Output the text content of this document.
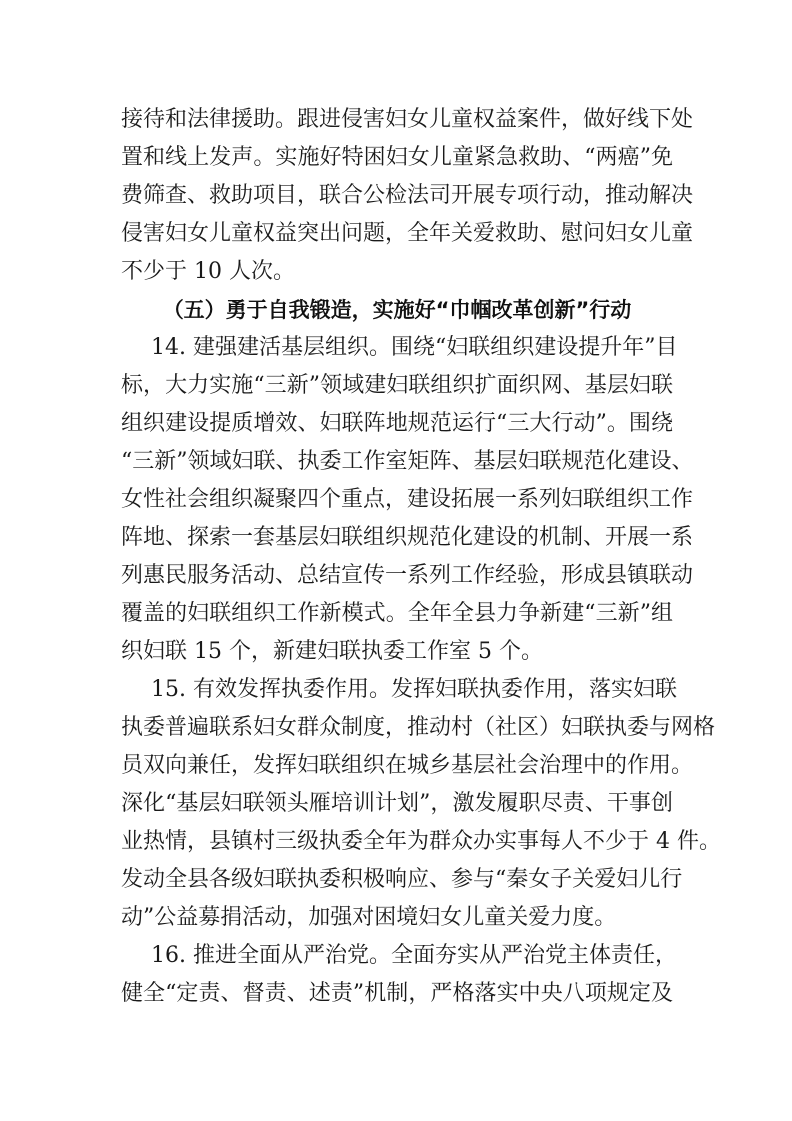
接待和法律援助。跟进侵害妇女儿童权益案件，做好线下处
置和线上发声。实施好特困妇女儿童紧急救助、“两癌”免
费筛查、救助项目，联合公检法司开展专项行动，推动解决
侵害妇女儿童权益突出问题，全年关爱救助、慰问妇女儿童
不少于 10 人次。
（五）勇于自我锻造，实施好“巾帼改革创新”行动
14. 建强建活基层组织。围绕“妇联组织建设提升年”目
标，大力实施“三新”领域建妇联组织扩面织网、基层妇联
组织建设提质增效、妇联阵地规范运行“三大行动”。围绕
“三新”领域妇联、执委工作室矩阵、基层妇联规范化建设、
女性社会组织凝聚四个重点，建设拓展一系列妇联组织工作
阵地、探索一套基层妇联组织规范化建设的机制、开展一系
列惠民服务活动、总结宣传一系列工作经验，形成县镇联动
覆盖的妇联组织工作新模式。全年全县力争新建“三新”组
织妇联 15 个，新建妇联执委工作室 5 个。
15. 有效发挥执委作用。发挥妇联执委作用，落实妇联
执委普遍联系妇女群众制度，推动村（社区）妇联执委与网格
员双向兼任，发挥妇联组织在城乡基层社会治理中的作用。
深化“基层妇联领头雁培训计划”，激发履职尽责、干事创
业热情，县镇村三级执委全年为群众办实事每人不少于 4 件。
发动全县各级妇联执委积极响应、参与“秦女子关爱妇儿行
动”公益募捐活动，加强对困境妇女儿童关爱力度。
16. 推进全面从严治党。全面夯实从严治党主体责任，
健全“定责、督责、述责”机制，严格落实中央八项规定及
